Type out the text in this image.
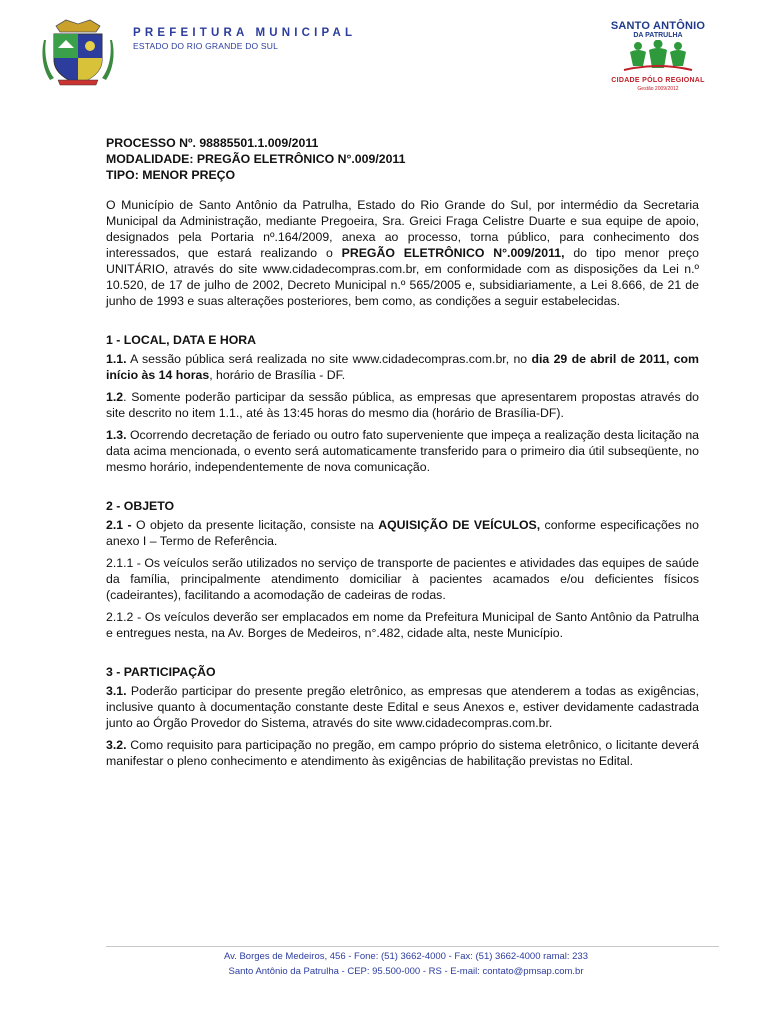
PREFEITURA MUNICIPAL
ESTADO DO RIO GRANDE DO SUL
SANTO ANTÔNIO
DA PATRULHA
CIDADE PÓLO REGIONAL
Gestão 2009/2012
PROCESSO Nº. 98885501.1.009/2011
MODALIDADE: PREGÃO ELETRÔNICO N°.009/2011
TIPO: MENOR PREÇO

O Município de Santo Antônio da Patrulha, Estado do Rio Grande do Sul, por intermédio da Secretaria Municipal da Administração, mediante Pregoeira, Sra. Greici Fraga Celistre Duarte e sua equipe de apoio, designados pela Portaria nº.164/2009, anexa ao processo, torna público, para conhecimento dos interessados, que estará realizando o PREGÃO ELETRÔNICO N°.009/2011, do tipo menor preço UNITÁRIO, através do site www.cidadecompras.com.br, em conformidade com as disposições da Lei n.º 10.520, de 17 de julho de 2002, Decreto Municipal n.º 565/2005 e, subsidiariamente, a Lei 8.666, de 21 de junho de 1993 e suas alterações posteriores, bem como, as condições a seguir estabelecidas.

1 - LOCAL, DATA E HORA

1.1. A sessão pública será realizada no site www.cidadecompras.com.br, no dia 29 de abril de 2011, com início às 14 horas, horário de Brasília - DF.

1.2. Somente poderão participar da sessão pública, as empresas que apresentarem propostas através do site descrito no item 1.1., até às 13:45 horas do mesmo dia (horário de Brasília-DF).

1.3. Ocorrendo decretação de feriado ou outro fato superveniente que impeça a realização desta licitação na data acima mencionada, o evento será automaticamente transferido para o primeiro dia útil subseqüente, no mesmo horário, independentemente de nova comunicação.

2 - OBJETO

2.1 - O objeto da presente licitação, consiste na AQUISIÇÃO DE VEÍCULOS, conforme especificações no anexo I – Termo de Referência.

2.1.1 - Os veículos serão utilizados no serviço de transporte de pacientes e atividades das equipes de saúde da família, principalmente atendimento domiciliar à pacientes acamados e/ou deficientes físicos (cadeirantes), facilitando a acomodação de cadeiras de rodas.

2.1.2 - Os veículos deverão ser emplacados em nome da Prefeitura Municipal de Santo Antônio da Patrulha e entregues nesta, na Av. Borges de Medeiros, n°.482, cidade alta, neste Município.

3 - PARTICIPAÇÃO

3.1. Poderão participar do presente pregão eletrônico, as empresas que atenderem a todas as exigências, inclusive quanto à documentação constante deste Edital e seus Anexos e, estiver devidamente cadastrada junto ao Órgão Provedor do Sistema, através do site www.cidadecompras.com.br.

3.2. Como requisito para participação no pregão, em campo próprio do sistema eletrônico, o licitante deverá manifestar o pleno conhecimento e atendimento às exigências de habilitação previstas no Edital.

Av. Borges de Medeiros, 456 - Fone: (51) 3662-4000 - Fax: (51) 3662-4000 ramal: 233
Santo Antônio da Patrulha - CEP: 95.500-000 - RS - E-mail: contato@pmsap.com.br
